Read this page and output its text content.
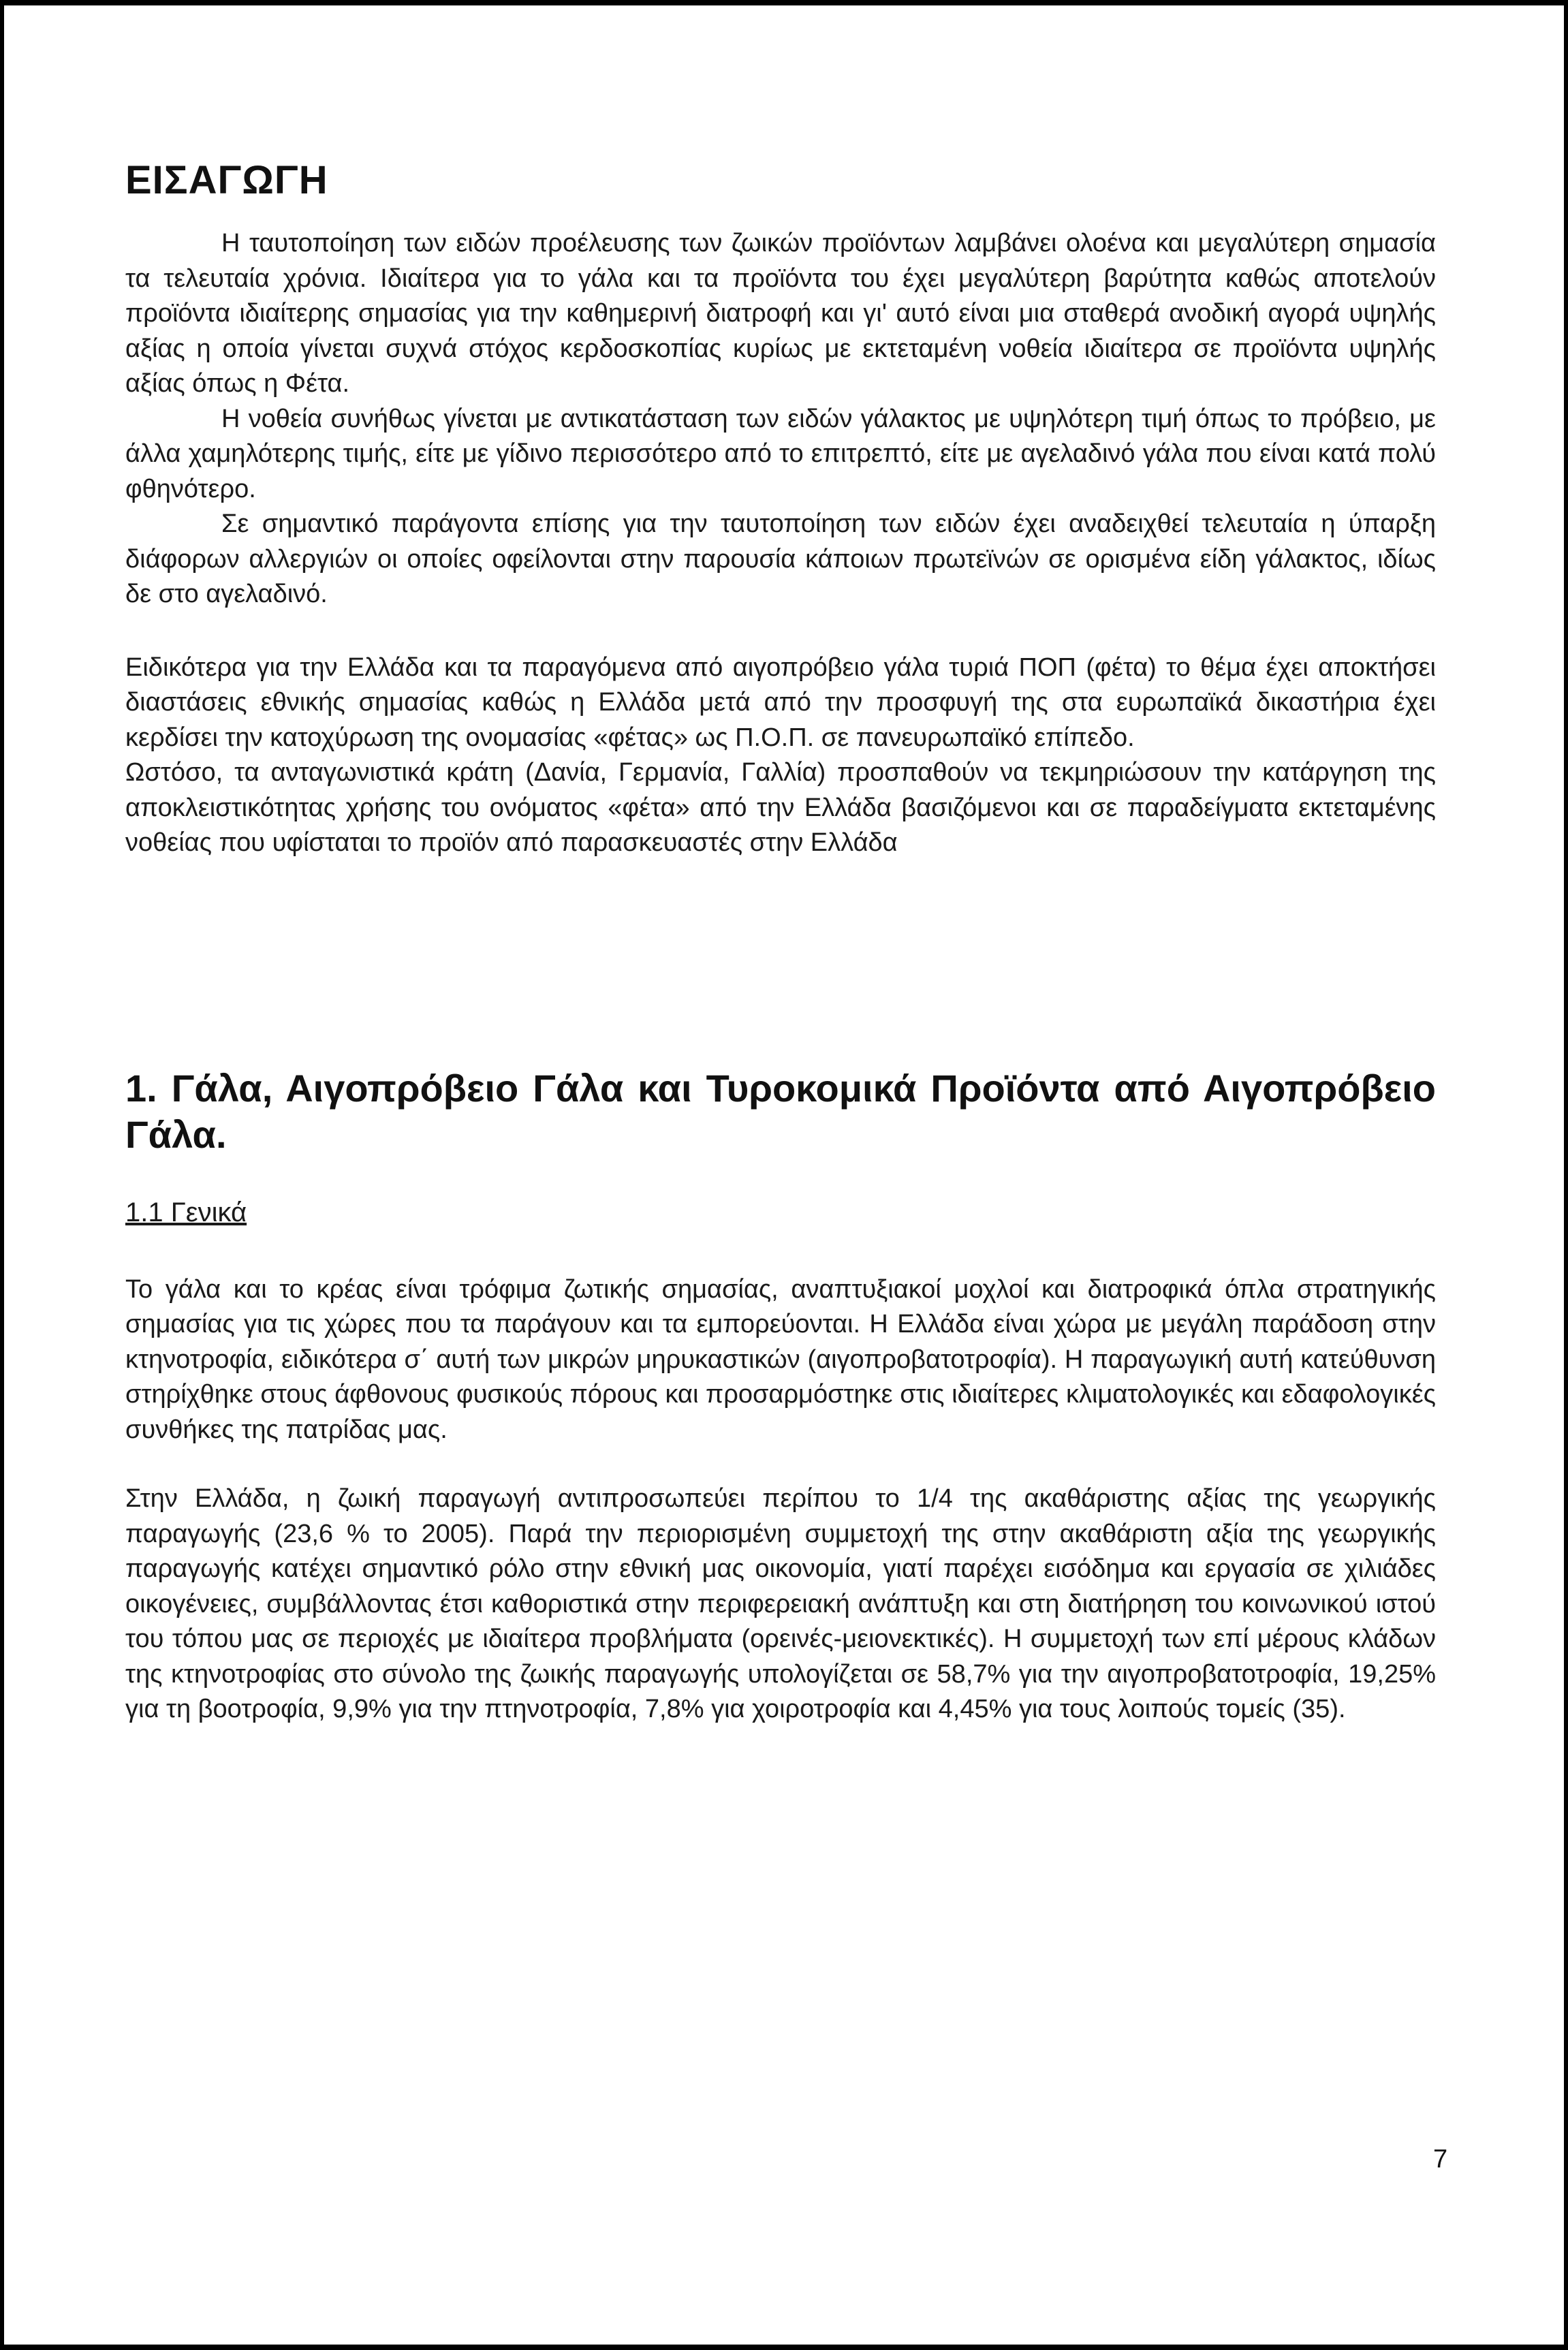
ΕΙΣΑΓΩΓΗ

Η ταυτοποίηση των ειδών προέλευσης των ζωικών προϊόντων λαμβάνει ολοένα και μεγαλύτερη σημασία τα τελευταία χρόνια. Ιδιαίτερα για το γάλα και τα προϊόντα του έχει μεγαλύτερη βαρύτητα καθώς αποτελούν προϊόντα ιδιαίτερης σημασίας για την καθημερινή διατροφή και γι' αυτό είναι μια σταθερά ανοδική αγορά υψηλής αξίας η οποία γίνεται συχνά στόχος κερδοσκοπίας κυρίως με εκτεταμένη νοθεία ιδιαίτερα σε προϊόντα υψηλής αξίας όπως η Φέτα.

Η νοθεία συνήθως γίνεται με αντικατάσταση των ειδών γάλακτος με υψηλότερη τιμή όπως το πρόβειο, με άλλα χαμηλότερης τιμής, είτε με γίδινο περισσότερο από το επιτρεπτό, είτε με αγελαδινό γάλα που είναι κατά πολύ φθηνότερο.

Σε σημαντικό παράγοντα επίσης για την ταυτοποίηση των ειδών έχει αναδειχθεί τελευταία η ύπαρξη διάφορων αλλεργιών οι οποίες οφείλονται στην παρουσία κάποιων πρωτεϊνών σε ορισμένα είδη γάλακτος, ιδίως δε στο αγελαδινό.

Ειδικότερα για την Ελλάδα και τα παραγόμενα από αιγοπρόβειο γάλα τυριά ΠΟΠ (φέτα) το θέμα έχει αποκτήσει διαστάσεις εθνικής σημασίας καθώς η Ελλάδα μετά από την προσφυγή της στα ευρωπαϊκά δικαστήρια έχει κερδίσει την κατοχύρωση της ονομασίας «φέτας» ως Π.Ο.Π. σε πανευρωπαϊκό επίπεδο.

Ωστόσο, τα ανταγωνιστικά κράτη (Δανία, Γερμανία, Γαλλία) προσπαθούν να τεκμηριώσουν την κατάργηση της αποκλειστικότητας χρήσης του ονόματος «φέτα» από την Ελλάδα βασιζόμενοι και σε παραδείγματα εκτεταμένης νοθείας που υφίσταται το προϊόν από παρασκευαστές στην Ελλάδα

1. Γάλα, Αιγοπρόβειο Γάλα και Τυροκομικά Προϊόντα από Αιγοπρόβειο Γάλα.
1.1 Γενικά

Το γάλα και το κρέας είναι τρόφιμα ζωτικής σημασίας, αναπτυξιακοί μοχλοί και διατροφικά όπλα στρατηγικής σημασίας για τις χώρες που τα παράγουν και τα εμπορεύονται. Η Ελλάδα είναι χώρα με μεγάλη παράδοση στην κτηνοτροφία, ειδικότερα σ΄ αυτή των μικρών μηρυκαστικών (αιγοπροβατοτροφία). Η παραγωγική αυτή κατεύθυνση στηρίχθηκε στους άφθονους φυσικούς πόρους και προσαρμόστηκε στις ιδιαίτερες κλιματολογικές και εδαφολογικές συνθήκες της πατρίδας μας.

Στην Ελλάδα, η ζωική παραγωγή αντιπροσωπεύει περίπου το 1/4 της ακαθάριστης αξίας της γεωργικής παραγωγής (23,6 % το 2005). Παρά την περιορισμένη συμμετοχή της στην ακαθάριστη αξία της γεωργικής παραγωγής κατέχει σημαντικό ρόλο στην εθνική μας οικονομία, γιατί παρέχει εισόδημα και εργασία σε χιλιάδες οικογένειες, συμβάλλοντας έτσι καθοριστικά στην περιφερειακή ανάπτυξη και στη διατήρηση του κοινωνικού ιστού του τόπου μας σε περιοχές με ιδιαίτερα προβλήματα (ορεινές-μειονεκτικές). Η συμμετοχή των επί μέρους κλάδων της κτηνοτροφίας στο σύνολο της ζωικής παραγωγής υπολογίζεται σε 58,7% για την αιγοπροβατοτροφία, 19,25% για τη βοοτροφία, 9,9% για την πτηνοτροφία, 7,8% για χοιροτροφία και 4,45% για τους λοιπούς τομείς (35).

7
